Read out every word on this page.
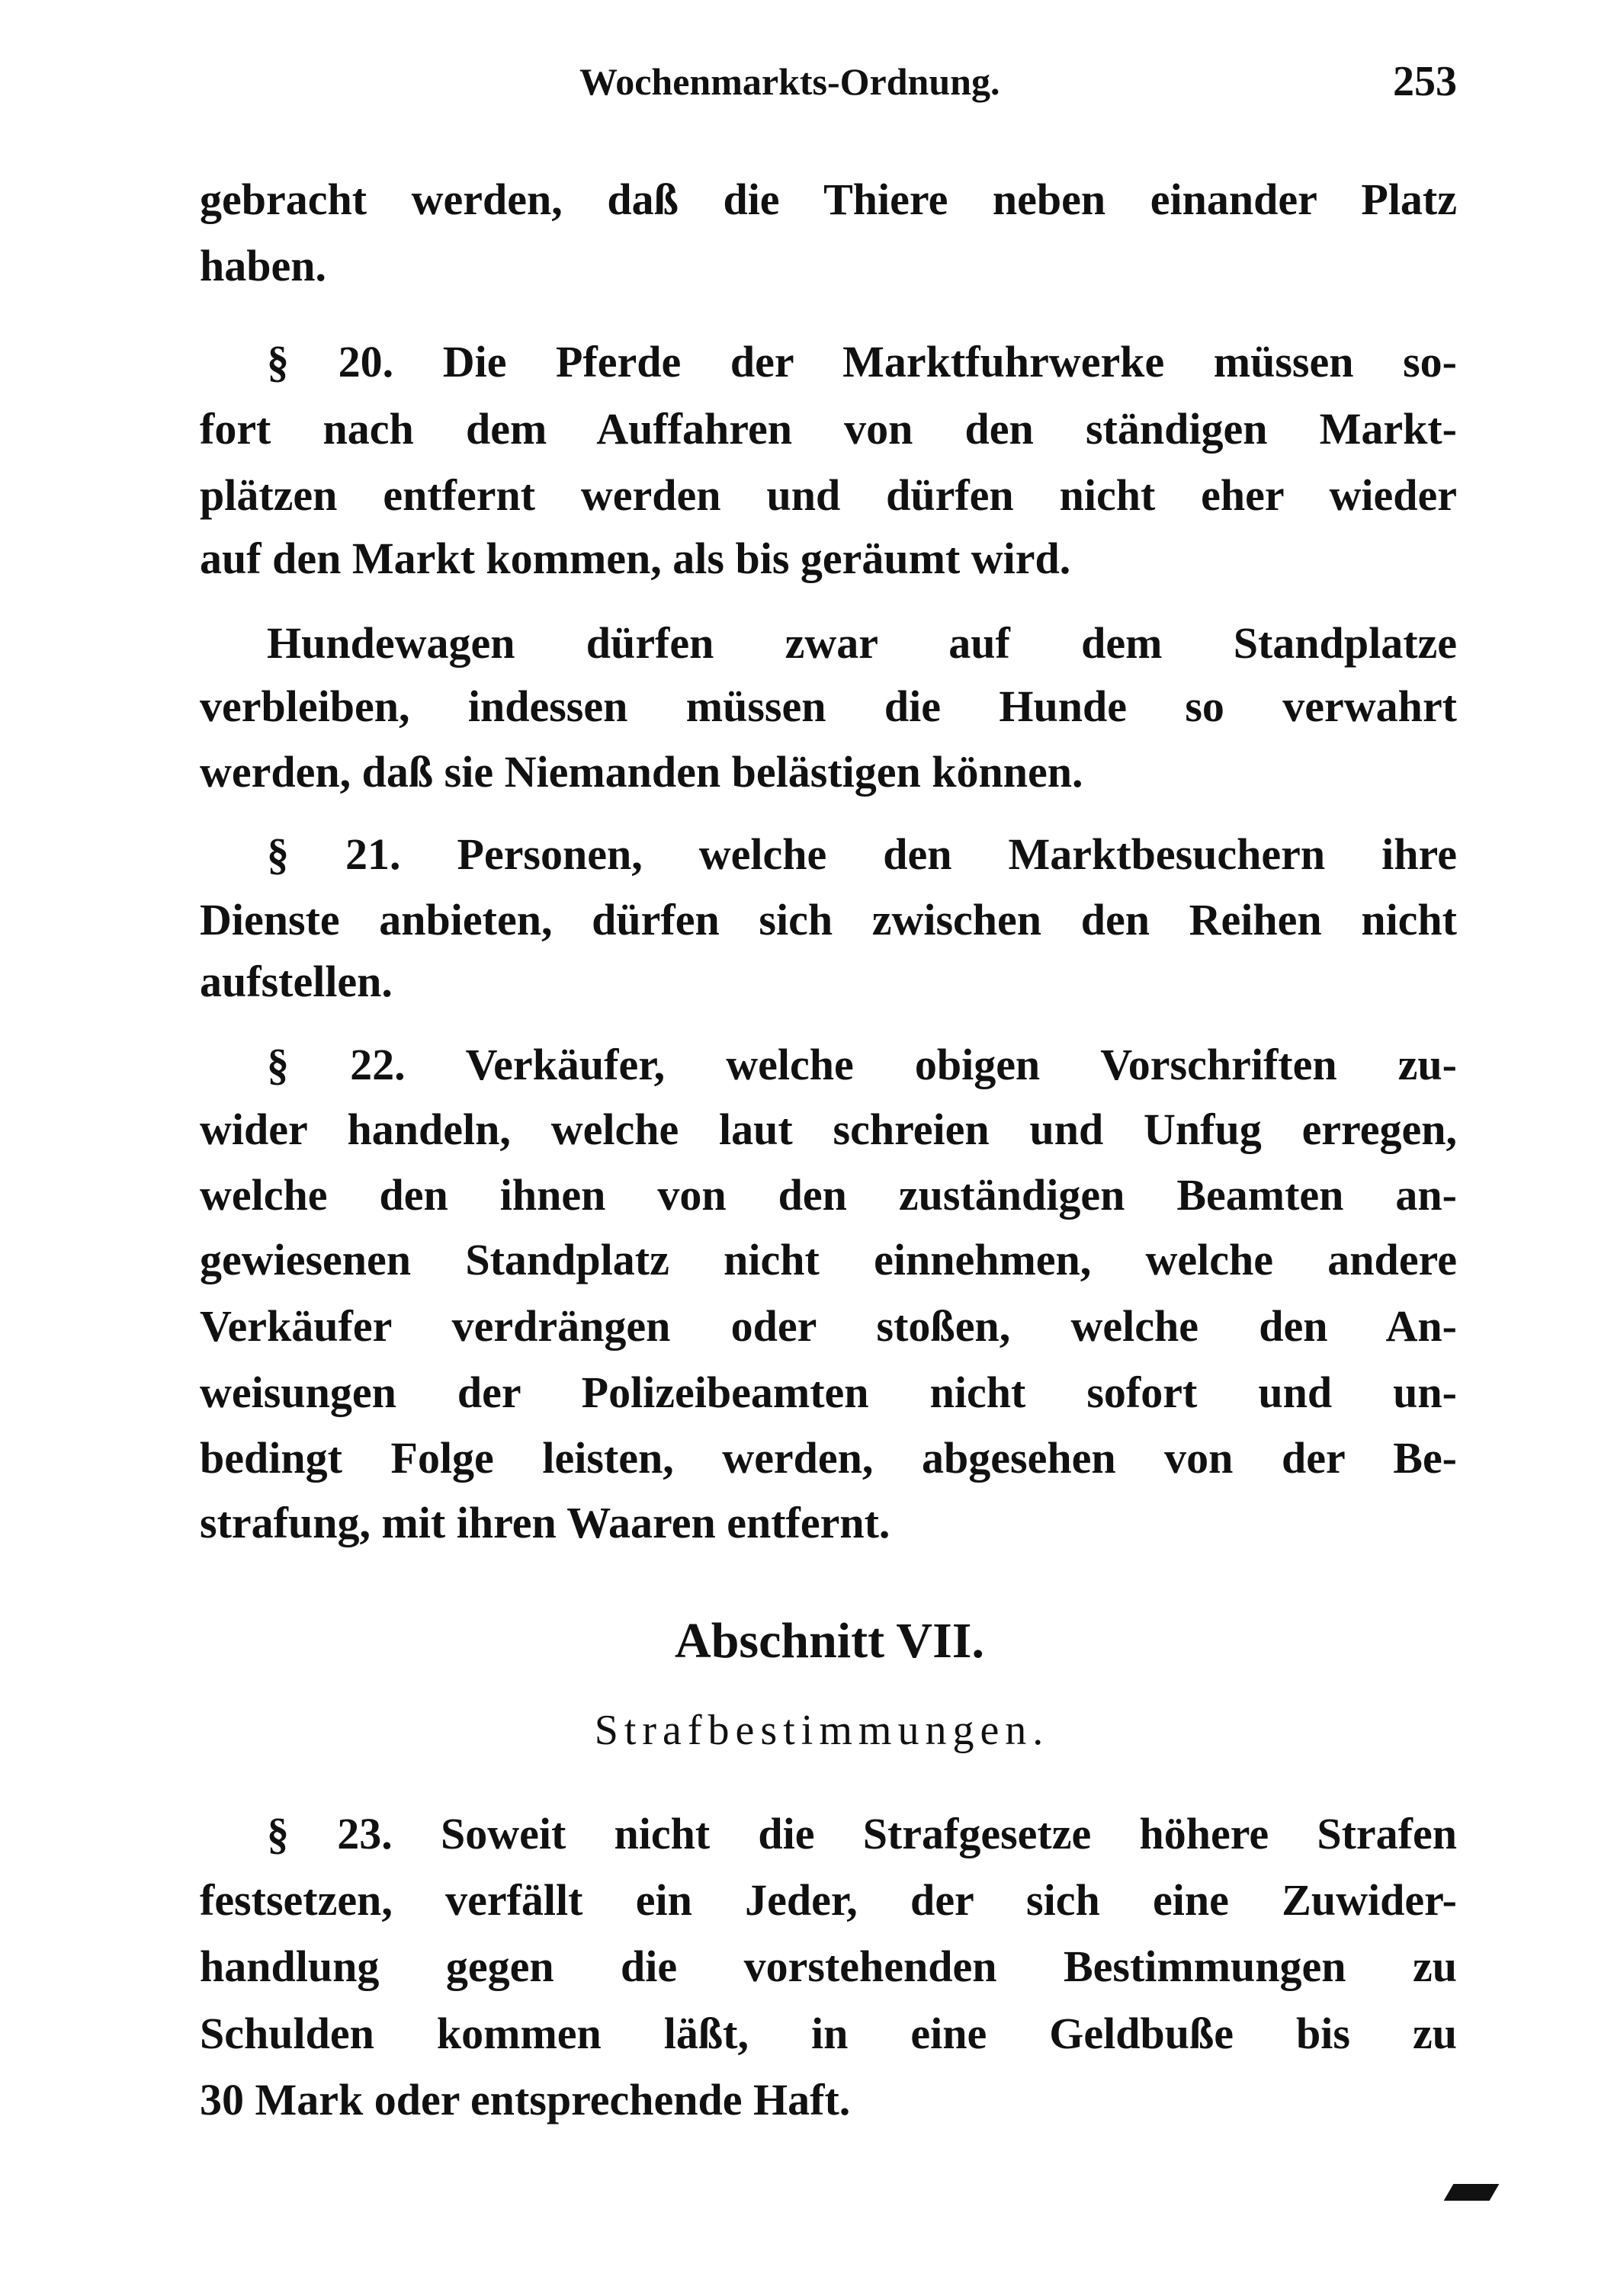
Wochenmarkts-Ordnung.	253
Abschnitt VII.
Strafbestimmungen.
gebracht werden, daß die Thiere neben einander Platz
haben.
§ 20. Die Pferde der Marktfuhrwerke müssen so-
fort nach dem Auffahren von den ständigen Markt-
plätzen entfernt werden und dürfen nicht eher wieder
auf den Markt kommen, als bis geräumt wird.
Hundewagen dürfen zwar auf dem Standplatze
verbleiben, indessen müssen die Hunde so verwahrt
werden, daß sie Niemanden belästigen können.
§ 21. Personen, welche den Marktbesuchern ihre
Dienste anbieten, dürfen sich zwischen den Reihen nicht
aufstellen.
§ 22. Verkäufer, welche obigen Vorschriften zu-
wider handeln, welche laut schreien und Unfug erregen,
welche den ihnen von den zuständigen Beamten an-
gewiesenen Standplatz nicht einnehmen, welche andere
Verkäufer verdrängen oder stoßen, welche den An-
weisungen der Polizeibeamten nicht sofort und un-
bedingt Folge leisten, werden, abgesehen von der Be-
strafung, mit ihren Waaren entfernt.
§ 23. Soweit nicht die Strafgesetze höhere Strafen
festsetzen, verfällt ein Jeder, der sich eine Zuwider-
handlung gegen die vorstehenden Bestimmungen zu
Schulden kommen läßt, in eine Geldbuße bis zu
30 Mark oder entsprechende Haft.
